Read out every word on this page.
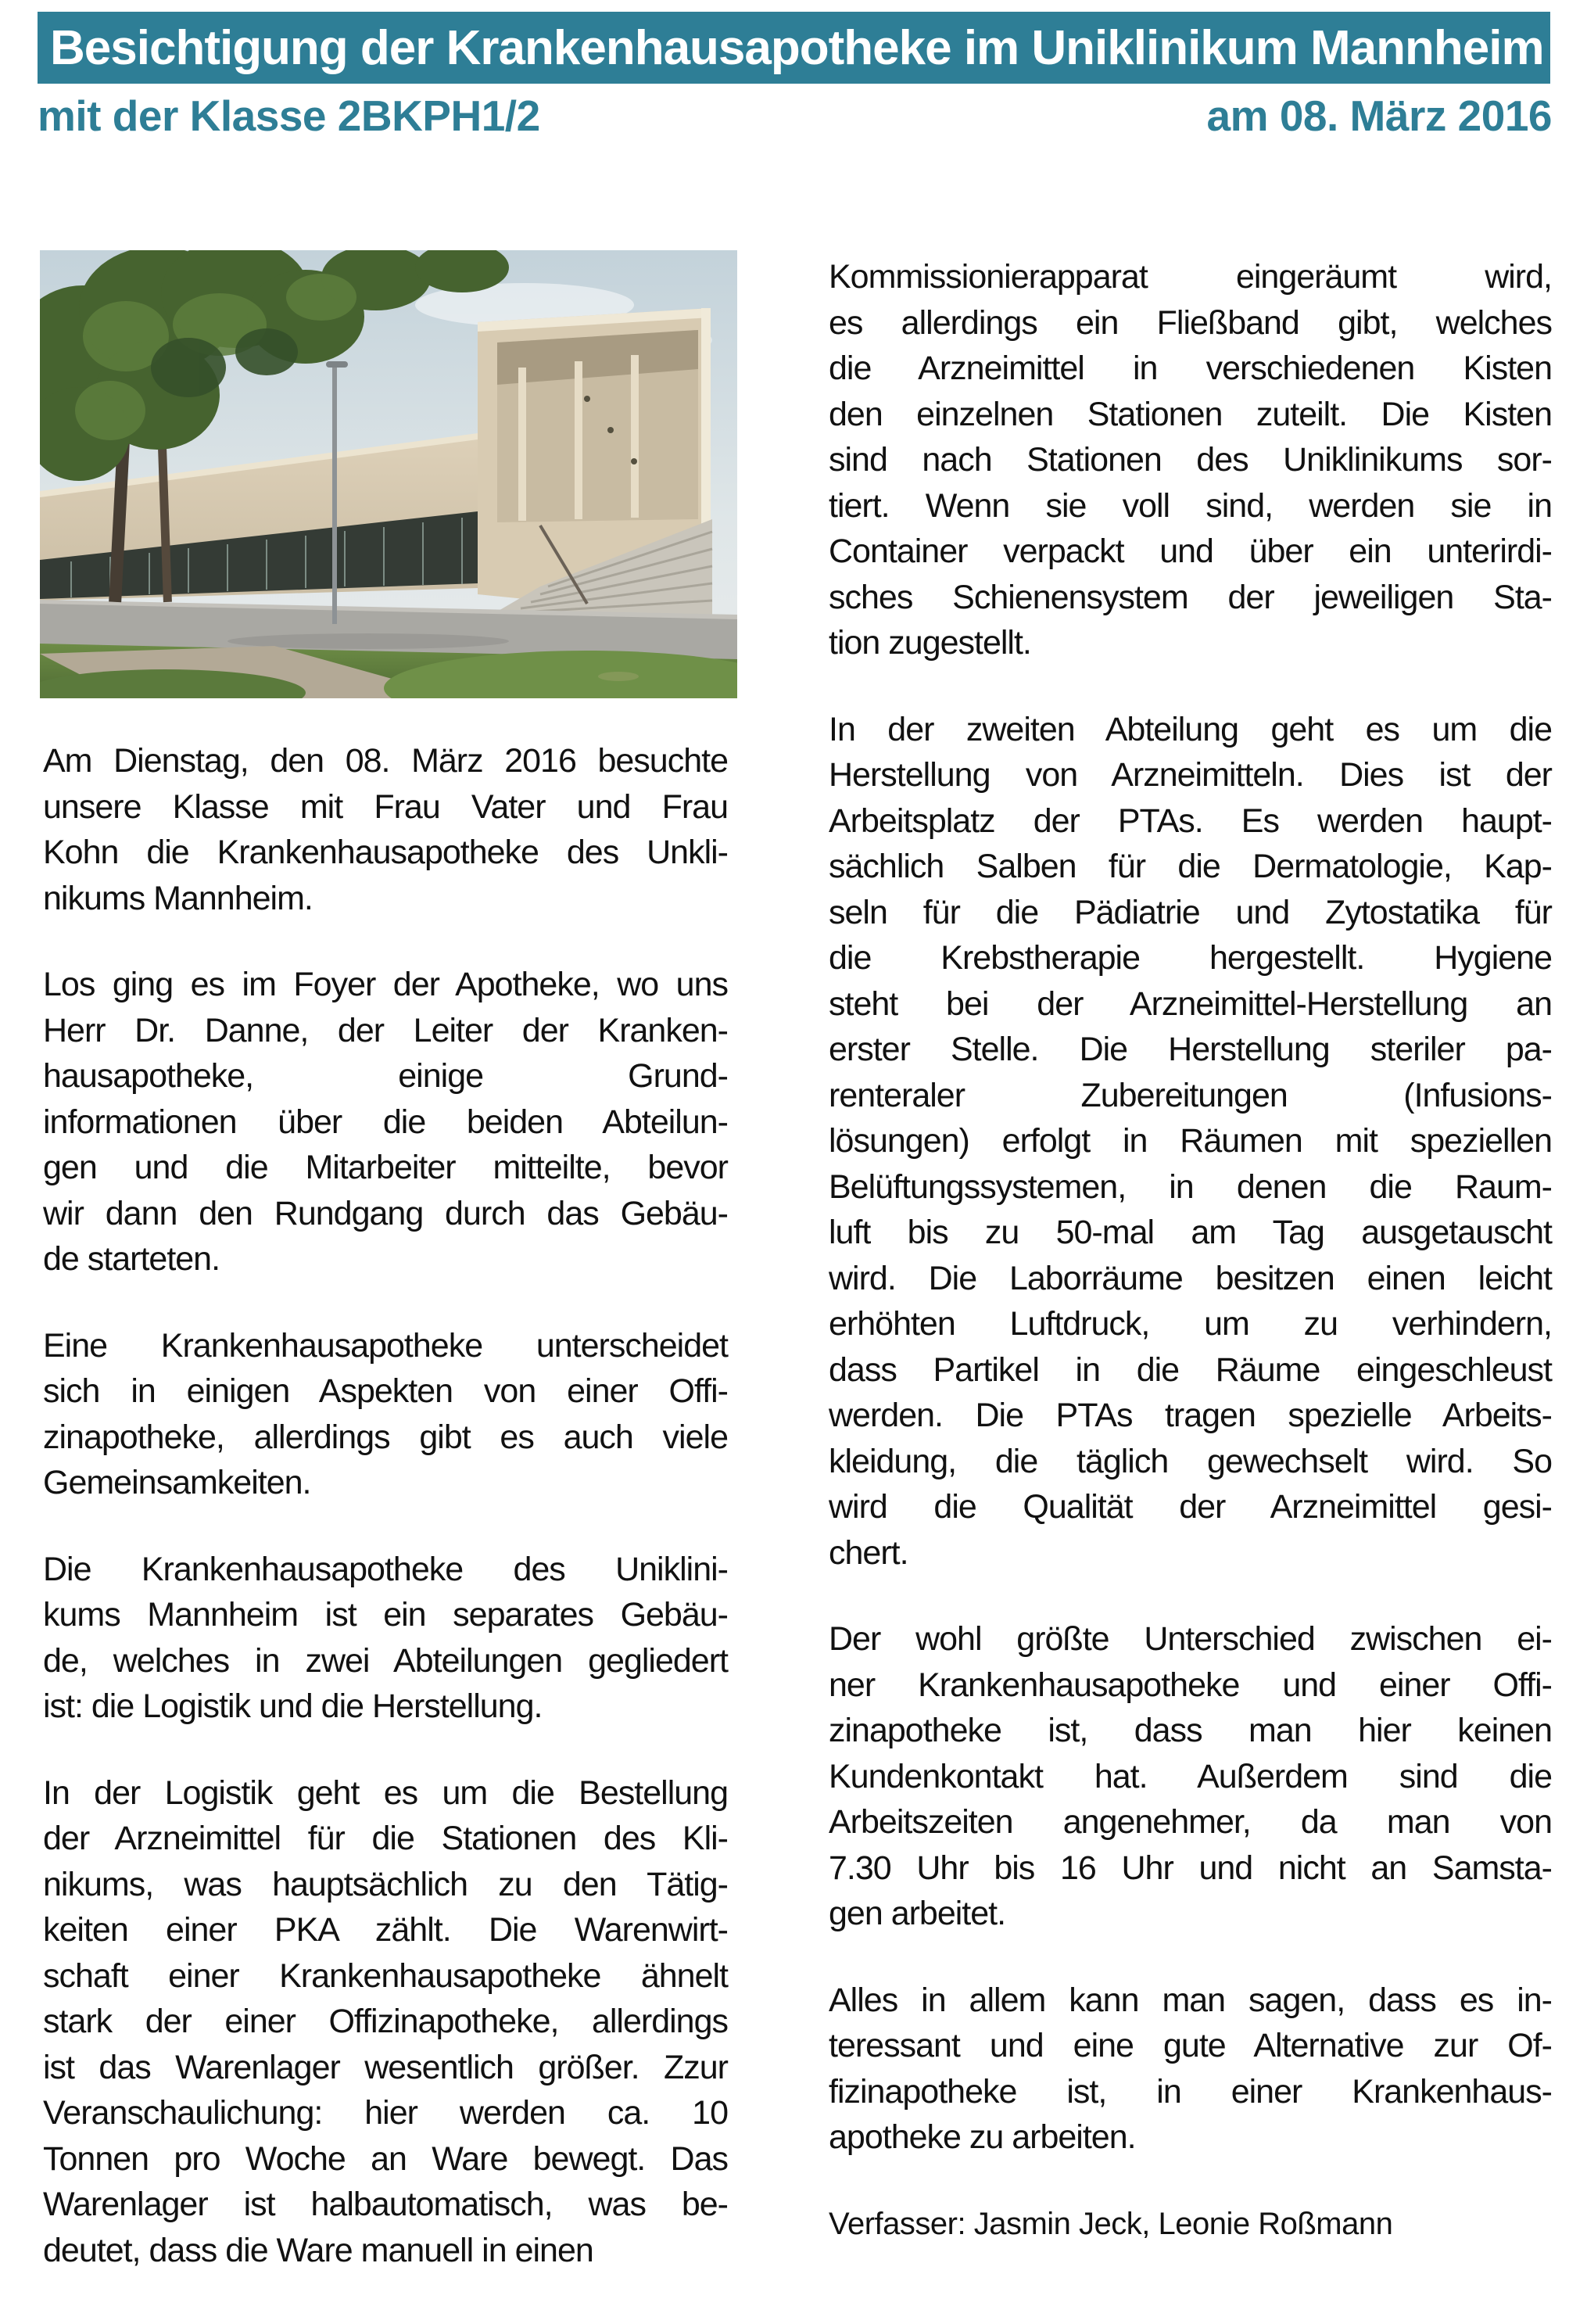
Besichtigung der Krankenhausapotheke im Uniklinikum Mannheim
mit der Klasse 2BKPH1/2	am 08. März 2016
Am Dienstag, den 08. März 2016 besuchte
unsere Klasse mit Frau Vater und Frau
Kohn die Krankenhausapotheke des Unkli-
nikums Mannheim.
Los ging es im Foyer der Apotheke, wo uns
Herr Dr. Danne, der Leiter der Kranken-
hausapotheke, einige Grund-
informationen über die beiden Abteilun-
gen und die Mitarbeiter mitteilte, bevor
wir dann den Rundgang durch das Gebäu-
de starteten.
Eine Krankenhausapotheke unterscheidet
sich in einigen Aspekten von einer Offi-
zinapotheke, allerdings gibt es auch viele
Gemeinsamkeiten.
Die Krankenhausapotheke des Uniklini-
kums Mannheim ist ein separates Gebäu-
de, welches in zwei Abteilungen gegliedert
ist: die Logistik und die Herstellung.
In der Logistik geht es um die Bestellung
der Arzneimittel für die Stationen des Kli-
nikums, was hauptsächlich zu den Tätig-
keiten einer PKA zählt. Die Warenwirt-
schaft einer Krankenhausapotheke ähnelt
stark der einer Offizinapotheke, allerdings
ist das Warenlager wesentlich größer. Zzur
Veranschaulichung: hier werden ca. 10
Tonnen pro Woche an Ware bewegt. Das
Warenlager ist halbautomatisch, was be-
deutet, dass die Ware manuell in einen
Kommissionierapparat eingeräumt wird,
es allerdings ein Fließband gibt, welches
die Arzneimittel in verschiedenen Kisten
den einzelnen Stationen zuteilt. Die Kisten
sind nach Stationen des Uniklinikums sor-
tiert. Wenn sie voll sind, werden sie in
Container verpackt und über ein unterirdi-
sches Schienensystem der jeweiligen Sta-
tion zugestellt.
In der zweiten Abteilung geht es um die
Herstellung von Arzneimitteln. Dies ist der
Arbeitsplatz der PTAs. Es werden haupt-
sächlich Salben für die Dermatologie, Kap-
seln für die Pädiatrie und Zytostatika für
die Krebstherapie hergestellt. Hygiene
steht bei der Arzneimittel-Herstellung an
erster Stelle. Die Herstellung steriler pa-
renteraler Zubereitungen (Infusions-
lösungen) erfolgt in Räumen mit speziellen
Belüftungssystemen, in denen die Raum-
luft bis zu 50-mal am Tag ausgetauscht
wird. Die Laborräume besitzen einen leicht
erhöhten Luftdruck, um zu verhindern,
dass Partikel in die Räume eingeschleust
werden. Die PTAs tragen spezielle Arbeits-
kleidung, die täglich gewechselt wird. So
wird die Qualität der Arzneimittel gesi-
chert.
Der wohl größte Unterschied zwischen ei-
ner Krankenhausapotheke und einer Offi-
zinapotheke ist, dass man hier keinen
Kundenkontakt hat. Außerdem sind die
Arbeitszeiten angenehmer, da man von
7.30 Uhr bis 16 Uhr und nicht an Samsta-
gen arbeitet.
Alles in allem kann man sagen, dass es in-
teressant und eine gute Alternative zur Of-
fizinapotheke ist, in einer Krankenhaus-
apotheke zu arbeiten.
Verfasser: Jasmin Jeck, Leonie Roßmann
